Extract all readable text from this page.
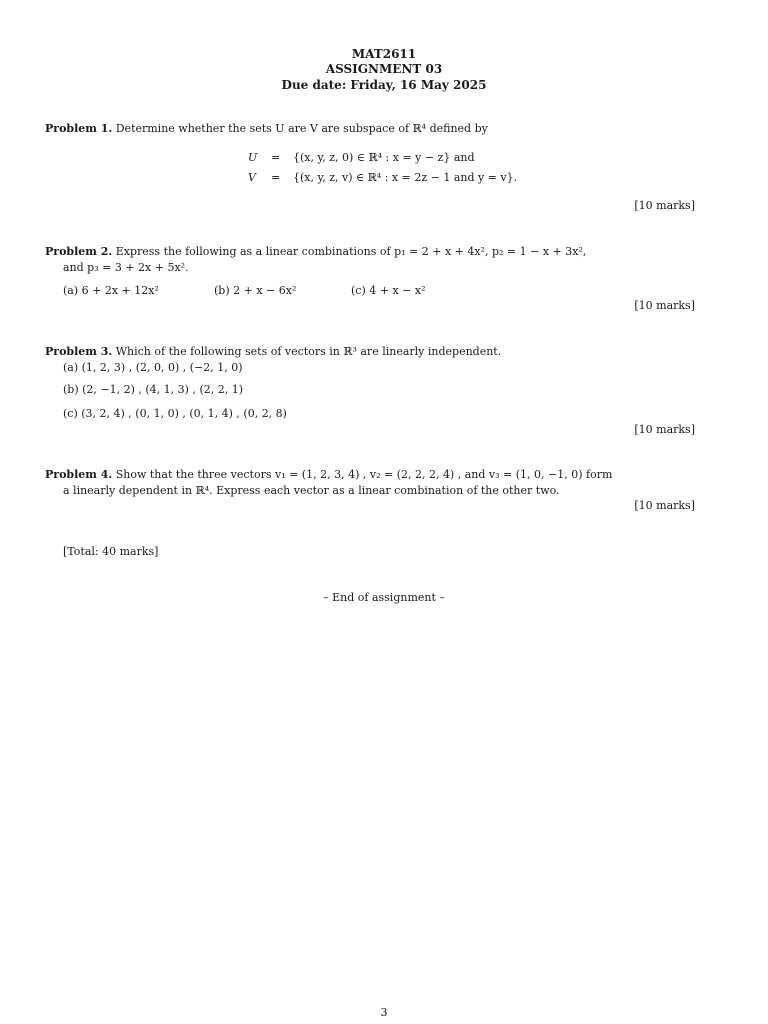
MAT2611
ASSIGNMENT 03
Due date: Friday, 16 May 2025
Problem 1. Determine whether the sets U are V are subspace of ℝ⁴ defined by
U = {(x, y, z, 0) ∈ ℝ⁴ : x = y − z} and
V = {(x, y, z, v) ∈ ℝ⁴ : x = 2z − 1 and y = v}.
[10 marks]
Problem 2. Express the following as a linear combinations of p₁ = 2 + x + 4x², p₂ = 1 − x + 3x²,
and p₃ = 3 + 2x + 5x².
(a) 6 + 2x + 12x²	(b) 2 + x − 6x²	(c) 4 + x − x²
[10 marks]
Problem 3. Which of the following sets of vectors in ℝ³ are linearly independent.
(a) (1, 2, 3) , (2, 0, 0) , (−2, 1, 0)
(b) (2, −1, 2) , (4, 1, 3) , (2, 2, 1)
(c) (3, 2, 4) , (0, 1, 0) , (0, 1, 4) , (0, 2, 8)
[10 marks]
Problem 4. Show that the three vectors v₁ = (1, 2, 3, 4) , v₂ = (2, 2, 2, 4) , and v₃ = (1, 0, −1, 0) form
a linearly dependent in ℝ⁴. Express each vector as a linear combination of the other two.
[10 marks]
[Total: 40 marks]
– End of assignment –
3
